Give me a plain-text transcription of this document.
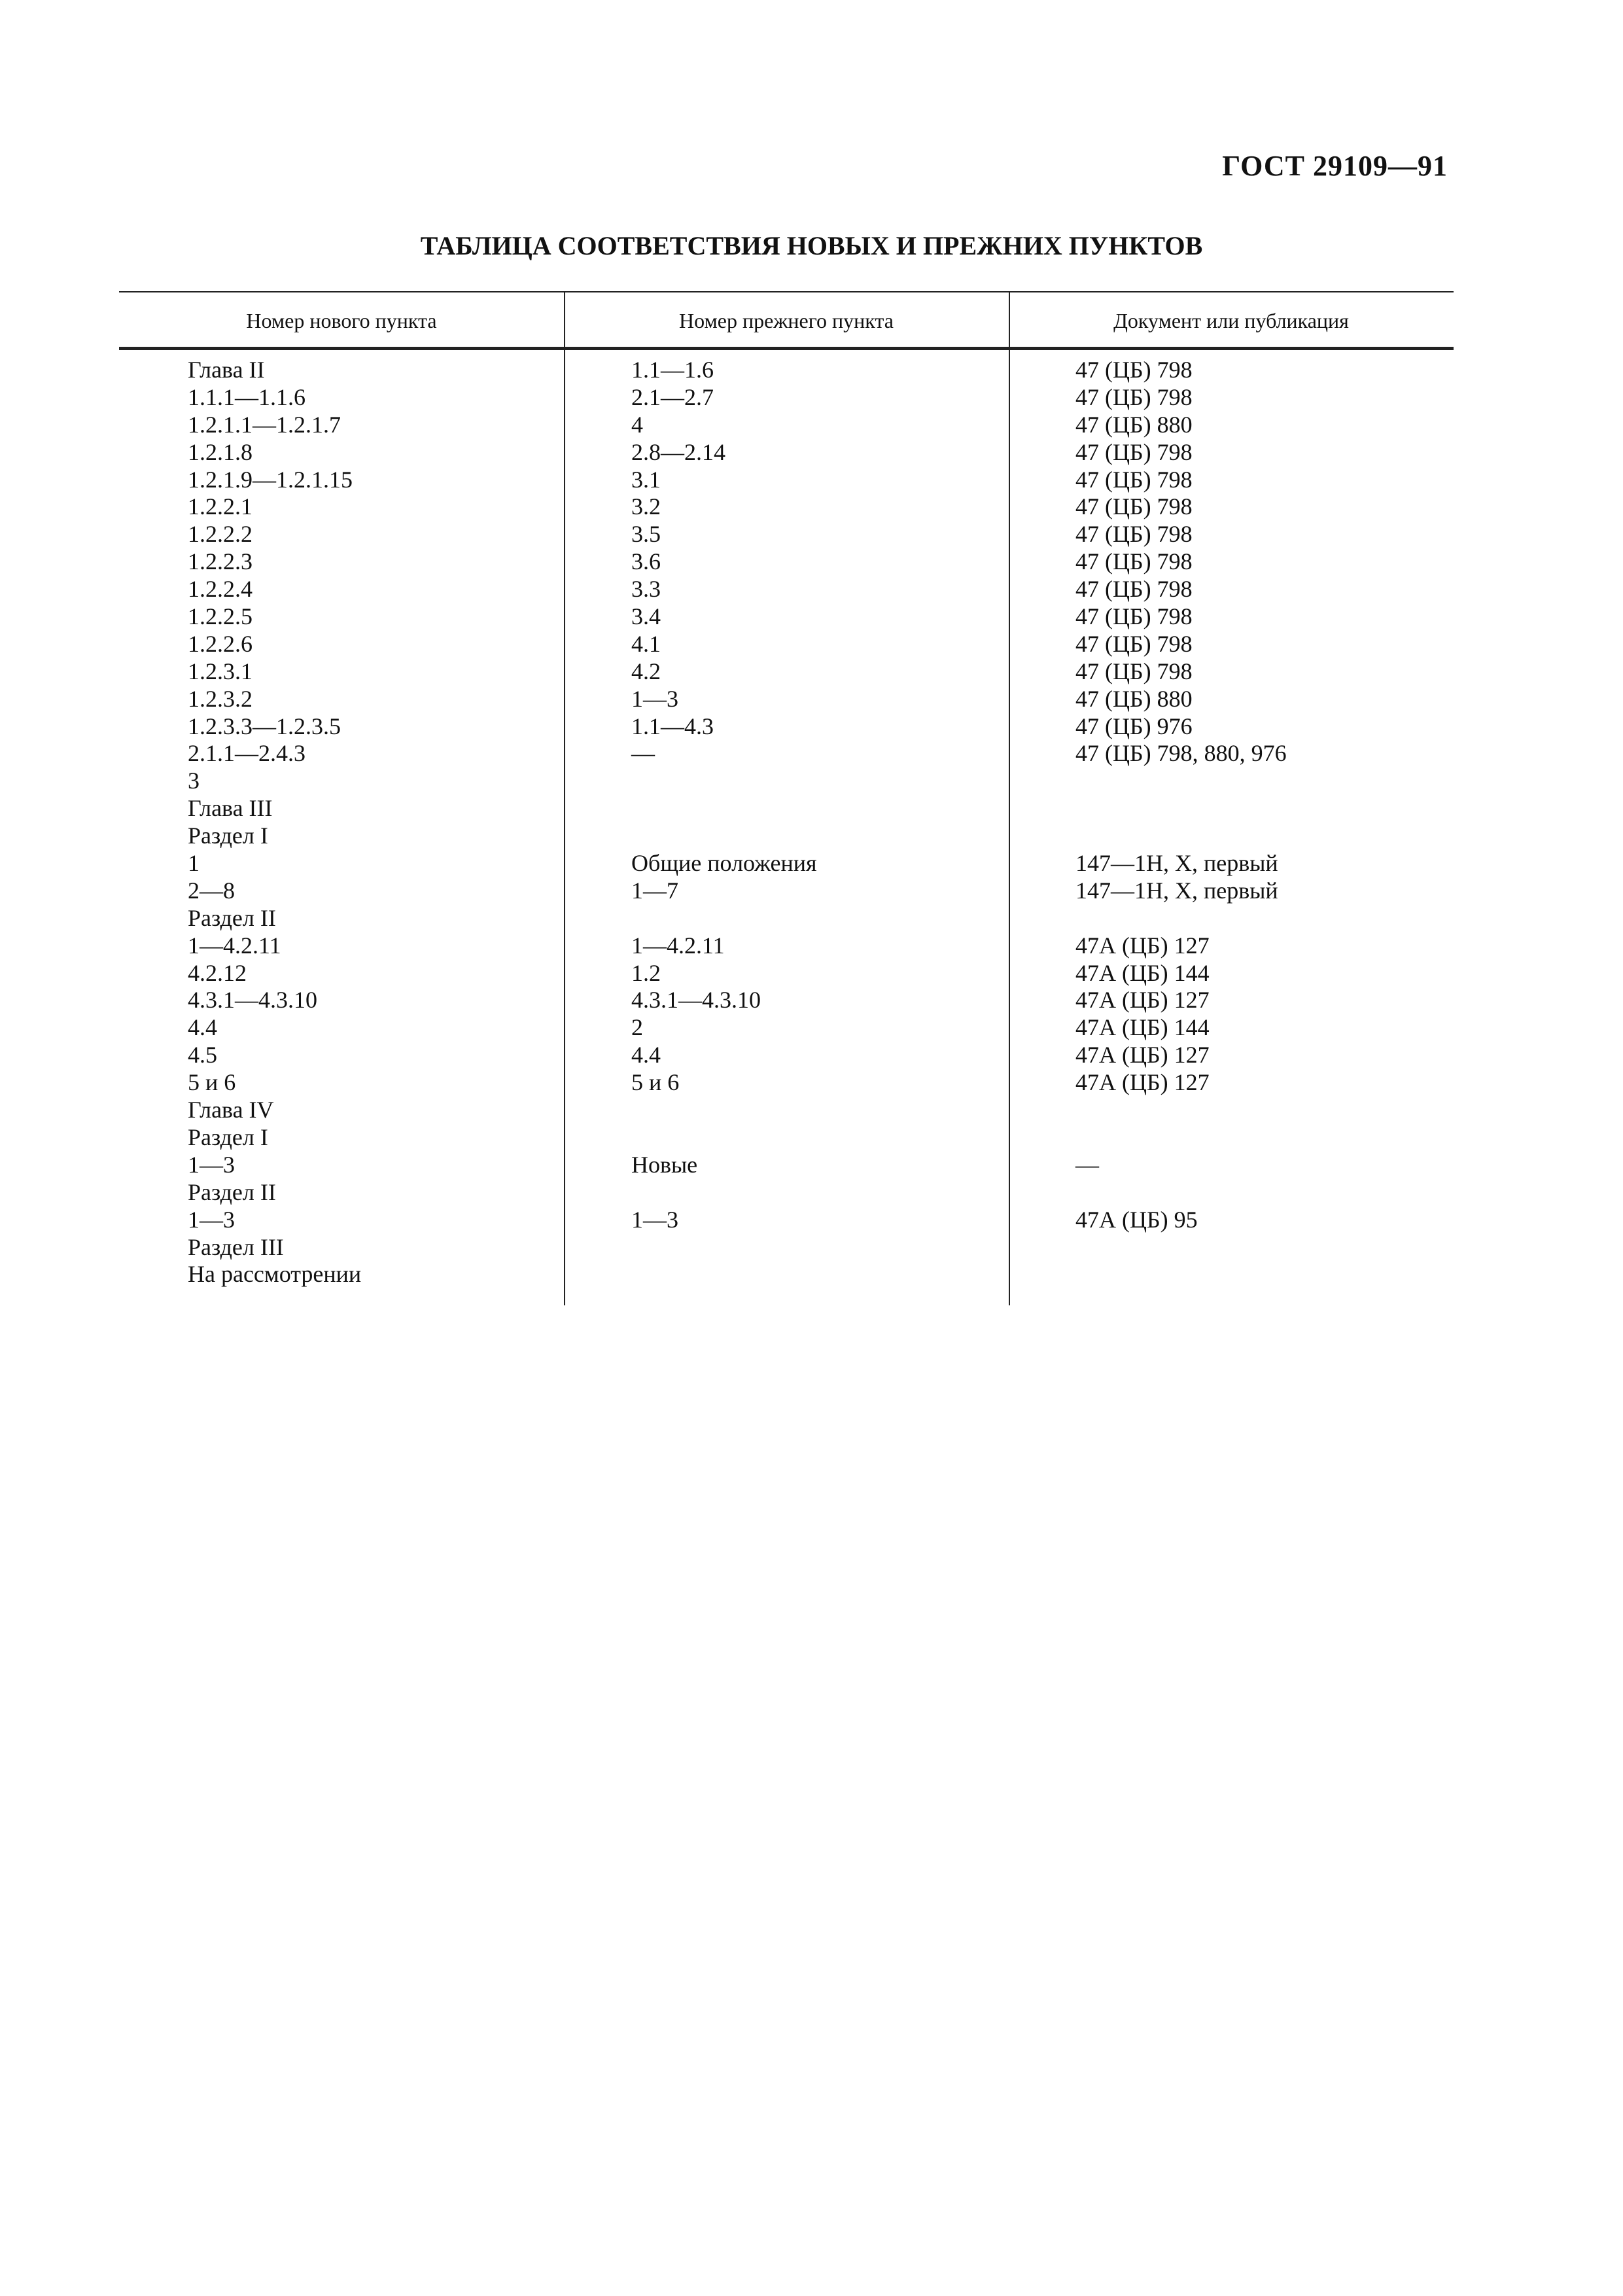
ГОСТ 29109—91
ТАБЛИЦА СООТВЕТСТВИЯ НОВЫХ И ПРЕЖНИХ ПУНКТОВ
Номер нового пункта	Номер прежнего пункта	Документ или публикация
Глава II	1.1—1.6	47 (ЦБ) 798
1.1.1—1.1.6	2.1—2.7	47 (ЦБ) 798
1.2.1.1—1.2.1.7	4	47 (ЦБ) 880
1.2.1.8	2.8—2.14	47 (ЦБ) 798
1.2.1.9—1.2.1.15	3.1	47 (ЦБ) 798
1.2.2.1	3.2	47 (ЦБ) 798
1.2.2.2	3.5	47 (ЦБ) 798
1.2.2.3	3.6	47 (ЦБ) 798
1.2.2.4	3.3	47 (ЦБ) 798
1.2.2.5	3.4	47 (ЦБ) 798
1.2.2.6	4.1	47 (ЦБ) 798
1.2.3.1	4.2	47 (ЦБ) 798
1.2.3.2	1—3	47 (ЦБ) 880
1.2.3.3—1.2.3.5	1.1—4.3	47 (ЦБ) 976
2.1.1—2.4.3	—	47 (ЦБ) 798, 880, 976
3
Глава III
Раздел I
1	Общие положения	147—1Н, X, первый
2—8	1—7	147—1Н, X, первый
Раздел II
1—4.2.11	1—4.2.11	47А (ЦБ) 127
4.2.12	1.2	47А (ЦБ) 144
4.3.1—4.3.10	4.3.1—4.3.10	47А (ЦБ) 127
4.4	2	47А (ЦБ) 144
4.5	4.4	47А (ЦБ) 127
5 и 6	5 и 6	47А (ЦБ) 127
Глава IV
Раздел I
1—3	Новые	—
Раздел II
1—3	1—3	47А (ЦБ) 95
Раздел III
На рассмотрении
